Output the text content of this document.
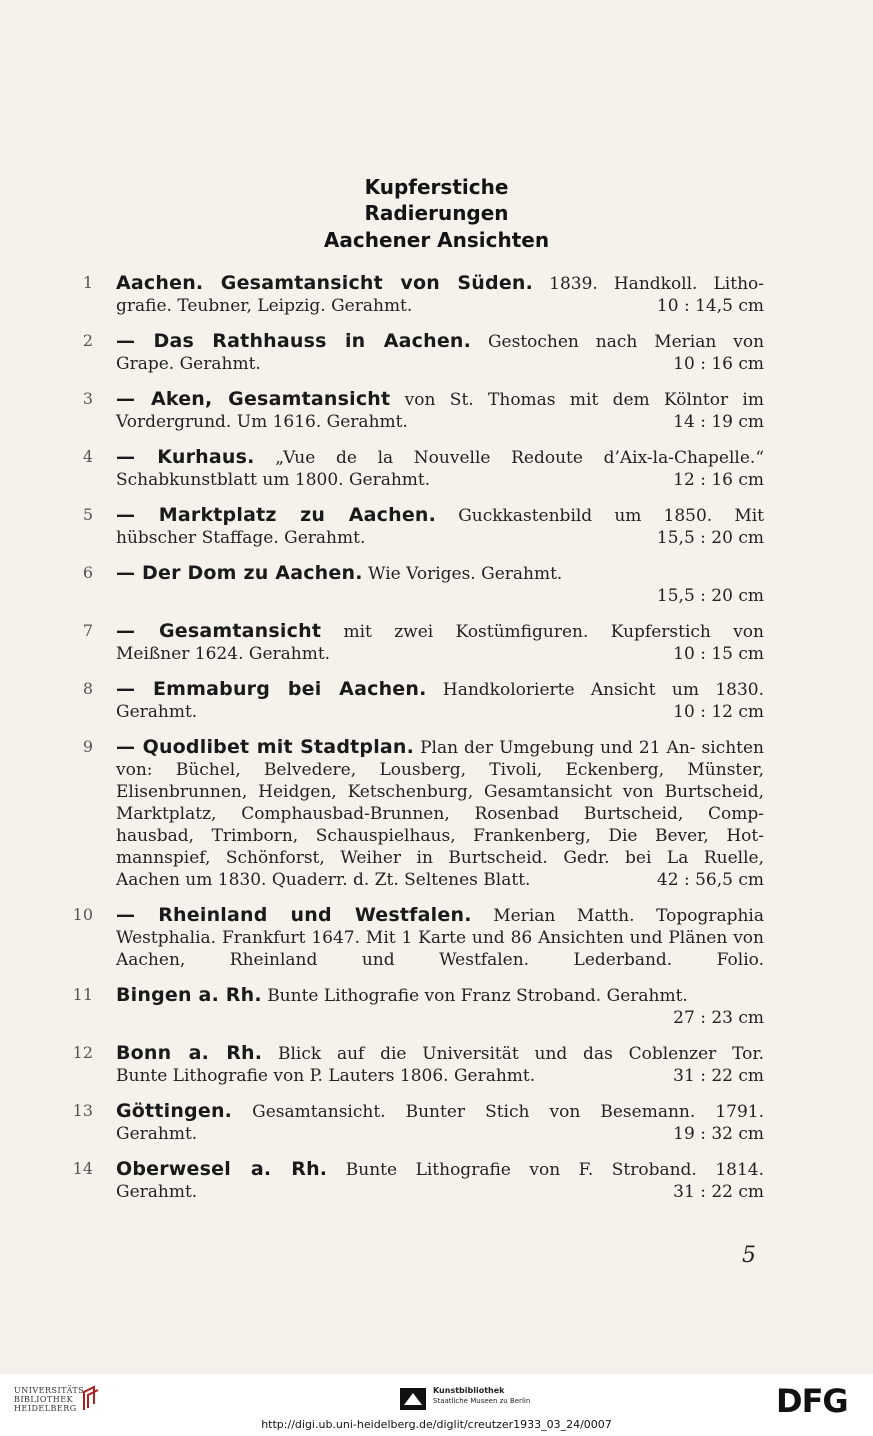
Kupferstiche
Radierungen
Aachener Ansichten
1 Aachen. Gesamtansicht von Süden. 1839. Handkoll. Litho-
grafie. Teubner, Leipzig. Gerahmt.	10 : 14,5 cm
2 — Das Rathhauss in Aachen. Gestochen nach Merian von
Grape. Gerahmt.	10 : 16 cm
3 — Aken, Gesamtansicht von St. Thomas mit dem Kölntor im
Vordergrund. Um 1616. Gerahmt.	14 : 19 cm
4 — Kurhaus. „Vue de la Nouvelle Redoute d’Aix-la-Chapelle.“
Schabkunstblatt um 1800. Gerahmt.	12 : 16 cm
5 — Marktplatz zu Aachen. Guckkastenbild um 1850. Mit
hübscher Staffage. Gerahmt.	15,5 : 20 cm
6 — Der Dom zu Aachen. Wie Voriges. Gerahmt.
15,5 : 20 cm
7 — Gesamtansicht mit zwei Kostümfiguren. Kupferstich von
Meißner 1624. Gerahmt.	10 : 15 cm
8 — Emmaburg bei Aachen. Handkolorierte Ansicht um 1830.
Gerahmt.	10 : 12 cm
9 — Quodlibet mit Stadtplan. Plan der Umgebung und 21 An- sichten von: Büchel, Belvedere, Lousberg, Tivoli, Eckenberg, Münster, Elisenbrunnen, Heidgen, Ketschenburg, Gesamtansicht von Burtscheid, Marktplatz, Comphausbad-Brunnen, Rosenbad Burtscheid, Comp- hausbad, Trimborn, Schauspielhaus, Frankenberg, Die Bever, Hot- mannspief, Schönforst, Weiher in Burtscheid. Gedr. bei La Ruelle,
Aachen um 1830. Quaderr. d. Zt. Seltenes Blatt.	42 : 56,5 cm
10 — Rheinland und Westfalen. Merian Matth. Topographia Westphalia. Frankfurt 1647. Mit 1 Karte und 86 Ansichten und Plänen von Aachen, Rheinland und Westfalen. Lederband. Folio.
11 Bingen a. Rh. Bunte Lithografie von Franz Stroband. Gerahmt.
27 : 23 cm
12 Bonn a. Rh. Blick auf die Universität und das Coblenzer Tor.
Bunte Lithografie von P. Lauters 1806. Gerahmt.	31 : 22 cm
13 Göttingen. Gesamtansicht. Bunter Stich von Besemann. 1791.
Gerahmt.	19 : 32 cm
14 Oberwesel a. Rh. Bunte Lithografie von F. Stroband. 1814.
Gerahmt.	31 : 22 cm
5
UNIVERSITÄTS-
BIBLIOTHEK
HEIDELBERG
Kunstbibliothek
Staatliche Museen zu Berlin	DFG
http://digi.ub.uni-heidelberg.de/diglit/creutzer1933_03_24/0007
